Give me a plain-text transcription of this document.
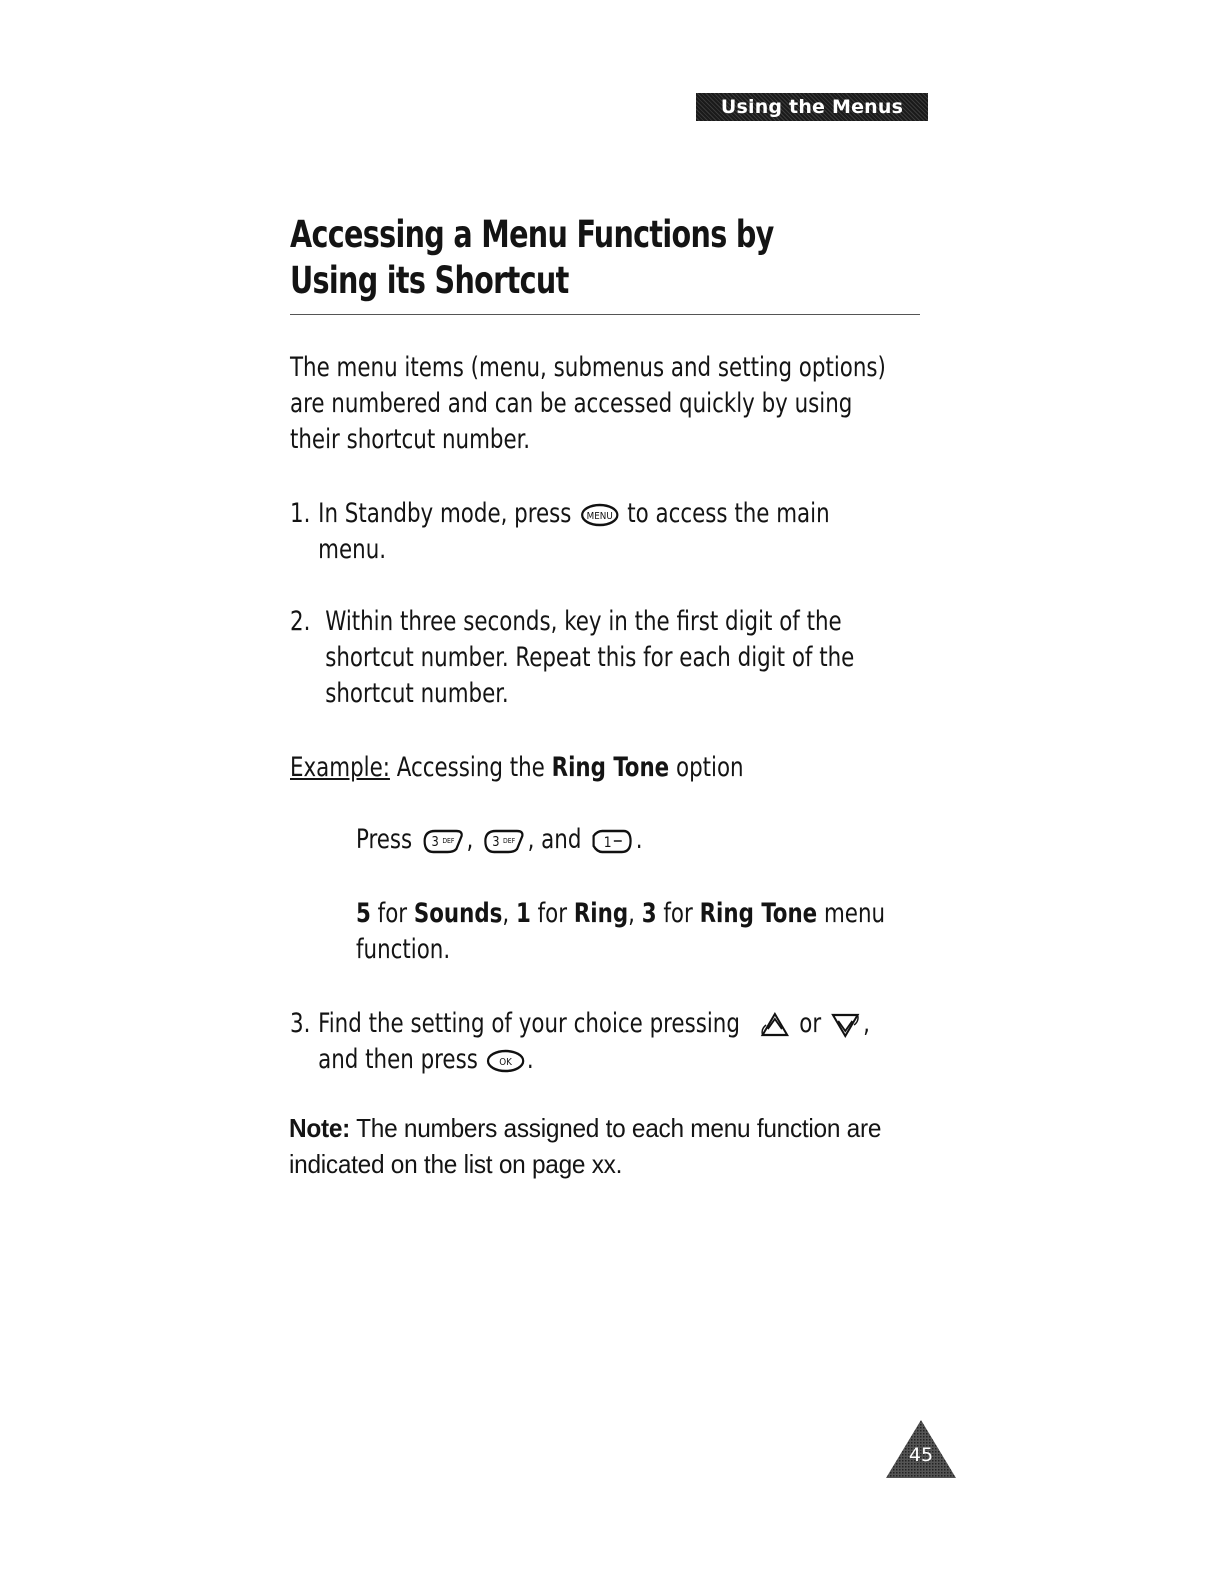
Using the Menus
Accessing a Menu Functions by Using its Shortcut

The menu items (menu, submenus and setting options) are numbered and can be accessed quickly by using their shortcut number.

1. In Standby mode, press MENU to access the main menu.
2. Within three seconds, key in the first digit of the shortcut number. Repeat this for each digit of the shortcut number.

Example: Accessing the Ring Tone option

Press 3 DEF , 3 DEF , and 1 .

5 for Sounds, 1 for Ring, 3 for Ring Tone menu function.

3. Find the setting of your choice pressing or ,
and then press OK .

Note: The numbers assigned to each menu function are indicated on the list on page xx.

45
